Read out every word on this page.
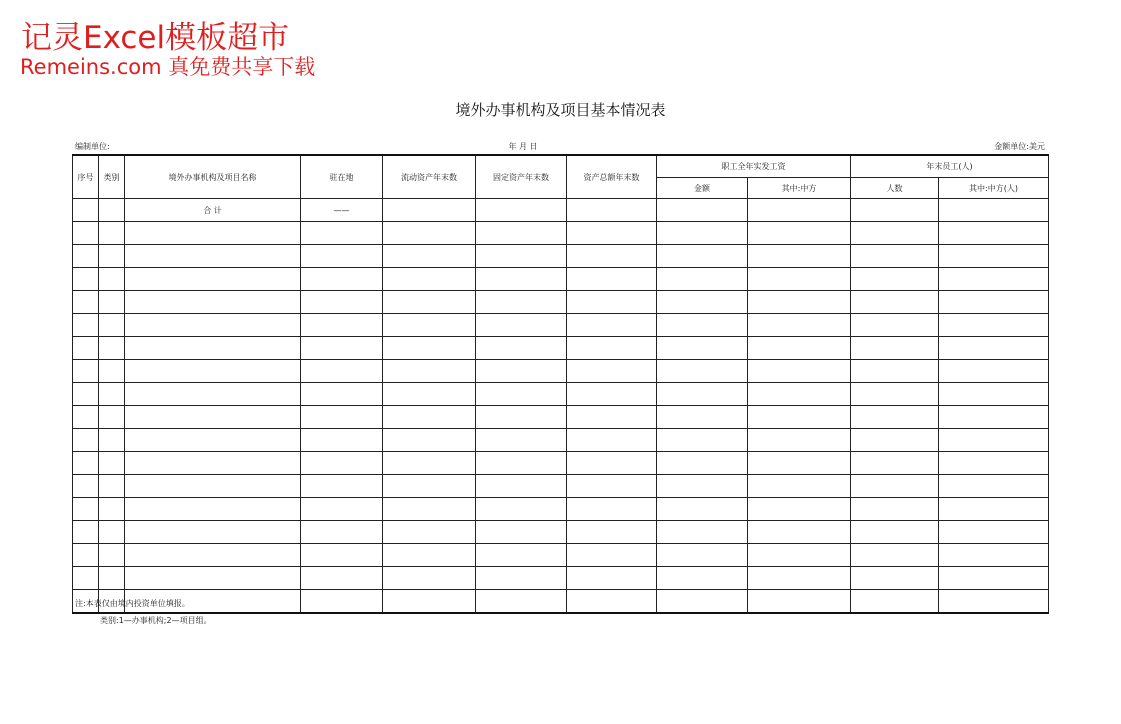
记灵Excel模板超市
Remeins.com 真免费共享下载
境外办事机构及项目基本情况表
编制单位:	年 月 日	金额单位:美元
序号	类别	境外办事机构及项目名称	驻在地	流动资产年末数	固定资产年末数	资产总额年末数	职工全年实发工资		年末员工(人)	
							金额	其中:中方	人数	其中:中方(人)
		合 计	——							

注:本表仅由境内投资单位填报。
类别:1—办事机构;2—项目组。
